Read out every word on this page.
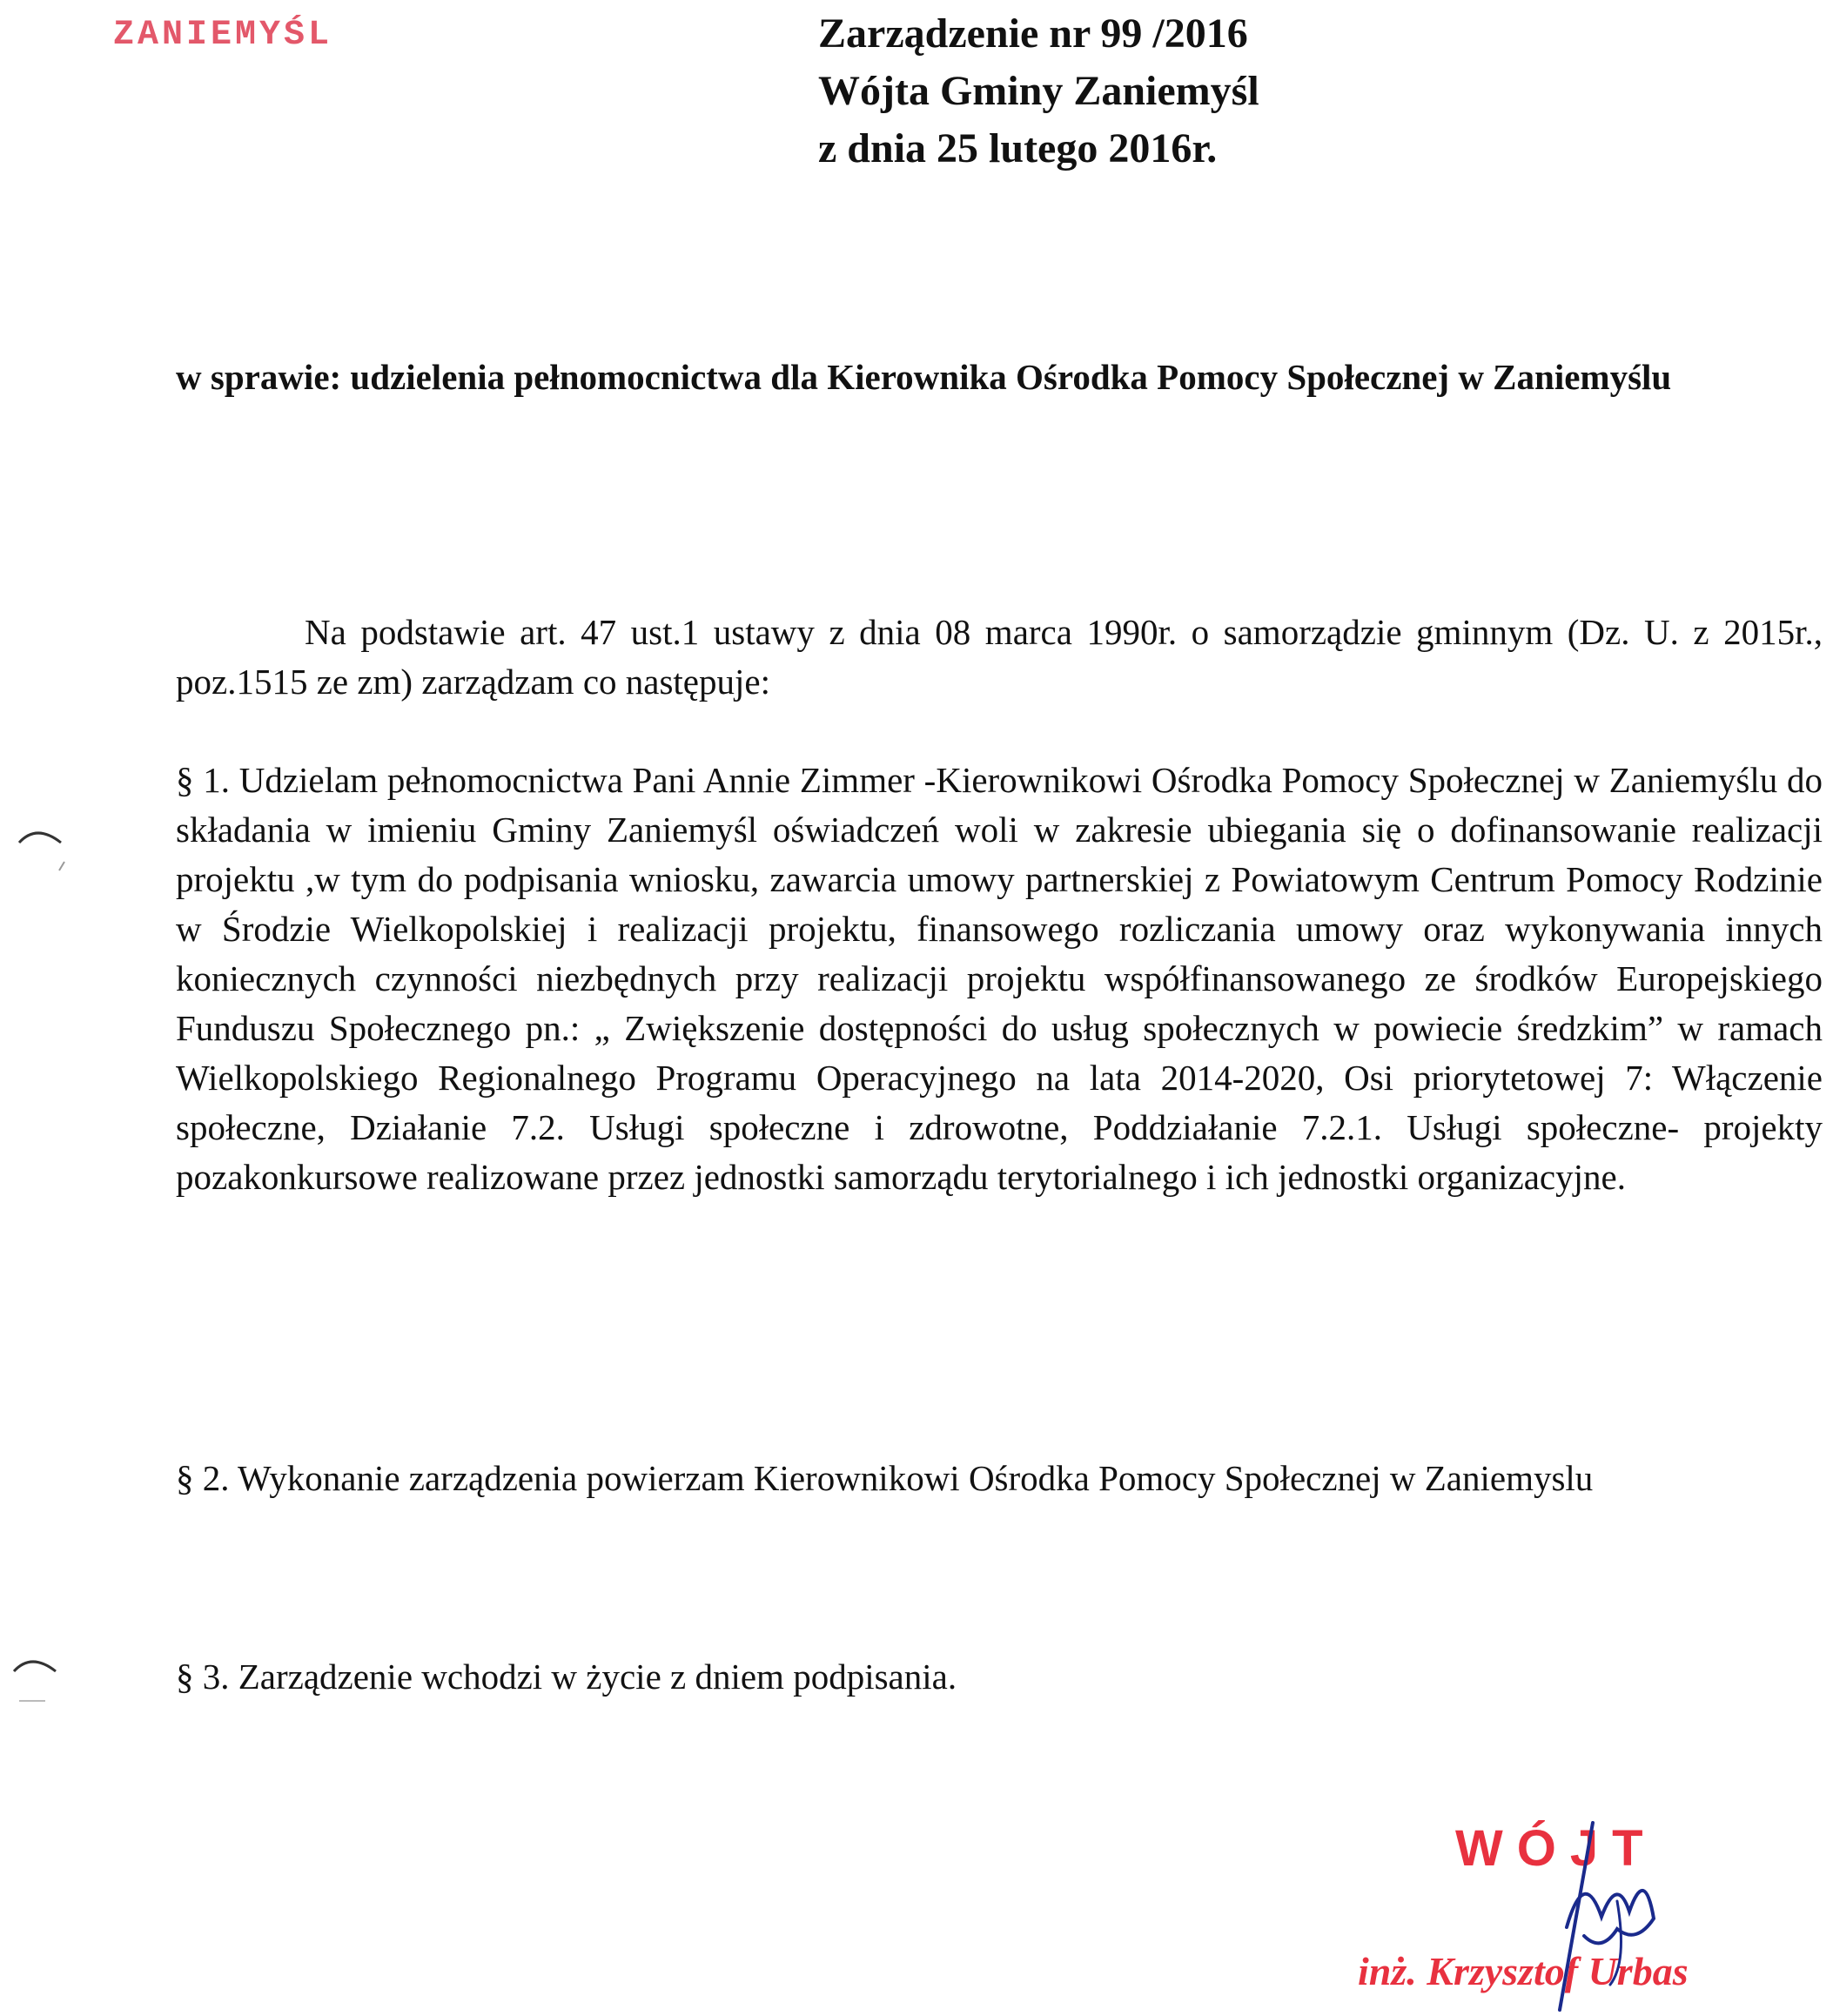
ZANIEMYŚL	Zarządzenie nr 99 /2016
Wójta Gminy Zaniemyśl
z dnia 25 lutego 2016r.
w sprawie: udzielenia pełnomocnictwa dla Kierownika Ośrodka Pomocy Społecznej w Zaniemyślu
Na podstawie art. 47 ust.1 ustawy z dnia 08 marca 1990r. o samorządzie gminnym (Dz. U. z 2015r., poz.1515 ze zm) zarządzam co następuje:
§ 1. Udzielam pełnomocnictwa Pani Annie Zimmer -Kierownikowi Ośrodka Pomocy Społecznej w Zaniemyślu do składania w imieniu Gminy Zaniemyśl oświadczeń woli w zakresie ubiegania się o dofinansowanie realizacji projektu ,w tym do podpisania wniosku, zawarcia umowy partnerskiej z Powiatowym Centrum Pomocy Rodzinie w Środzie Wielkopolskiej i realizacji projektu, finansowego rozliczania umowy oraz wykonywania innych koniecznych czynności niezbędnych przy realizacji projektu współfinansowanego ze środków Europejskiego Funduszu Społecznego pn.: „ Zwiększenie dostępności do usług społecznych w powiecie średzkim” w ramach Wielkopolskiego Regionalnego Programu Operacyjnego na lata 2014-2020, Osi priorytetowej 7: Włączenie społeczne, Działanie 7.2. Usługi społeczne i zdrowotne, Poddziałanie 7.2.1. Usługi społeczne- projekty pozakonkursowe realizowane przez jednostki samorządu terytorialnego i ich jednostki organizacyjne.
§ 2. Wykonanie zarządzenia powierzam Kierownikowi Ośrodka Pomocy Społecznej w Zaniemyslu
§ 3. Zarządzenie wchodzi w życie z dniem podpisania.
WÓJT
inż. Krzysztof Urbas
